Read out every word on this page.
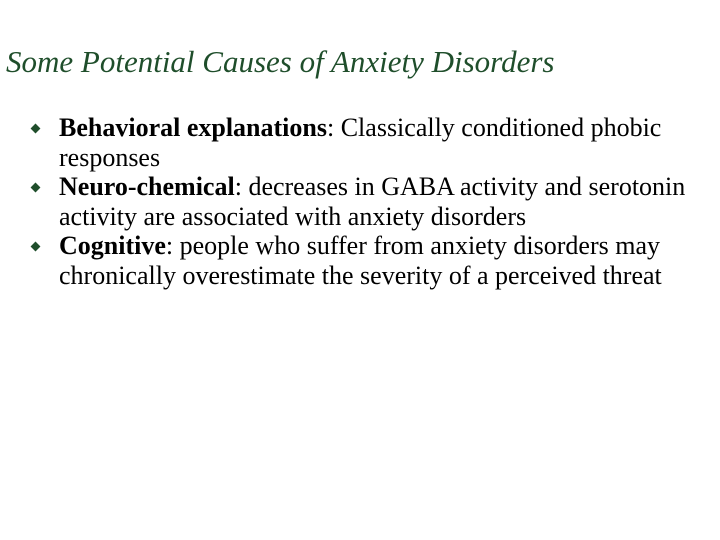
Some Potential Causes of Anxiety Disorders
Behavioral explanations: Classically conditioned phobic responses
Neuro-chemical: decreases in GABA activity and serotonin activity are associated with anxiety disorders
Cognitive: people who suffer from anxiety disorders may chronically overestimate the severity of a perceived threat
